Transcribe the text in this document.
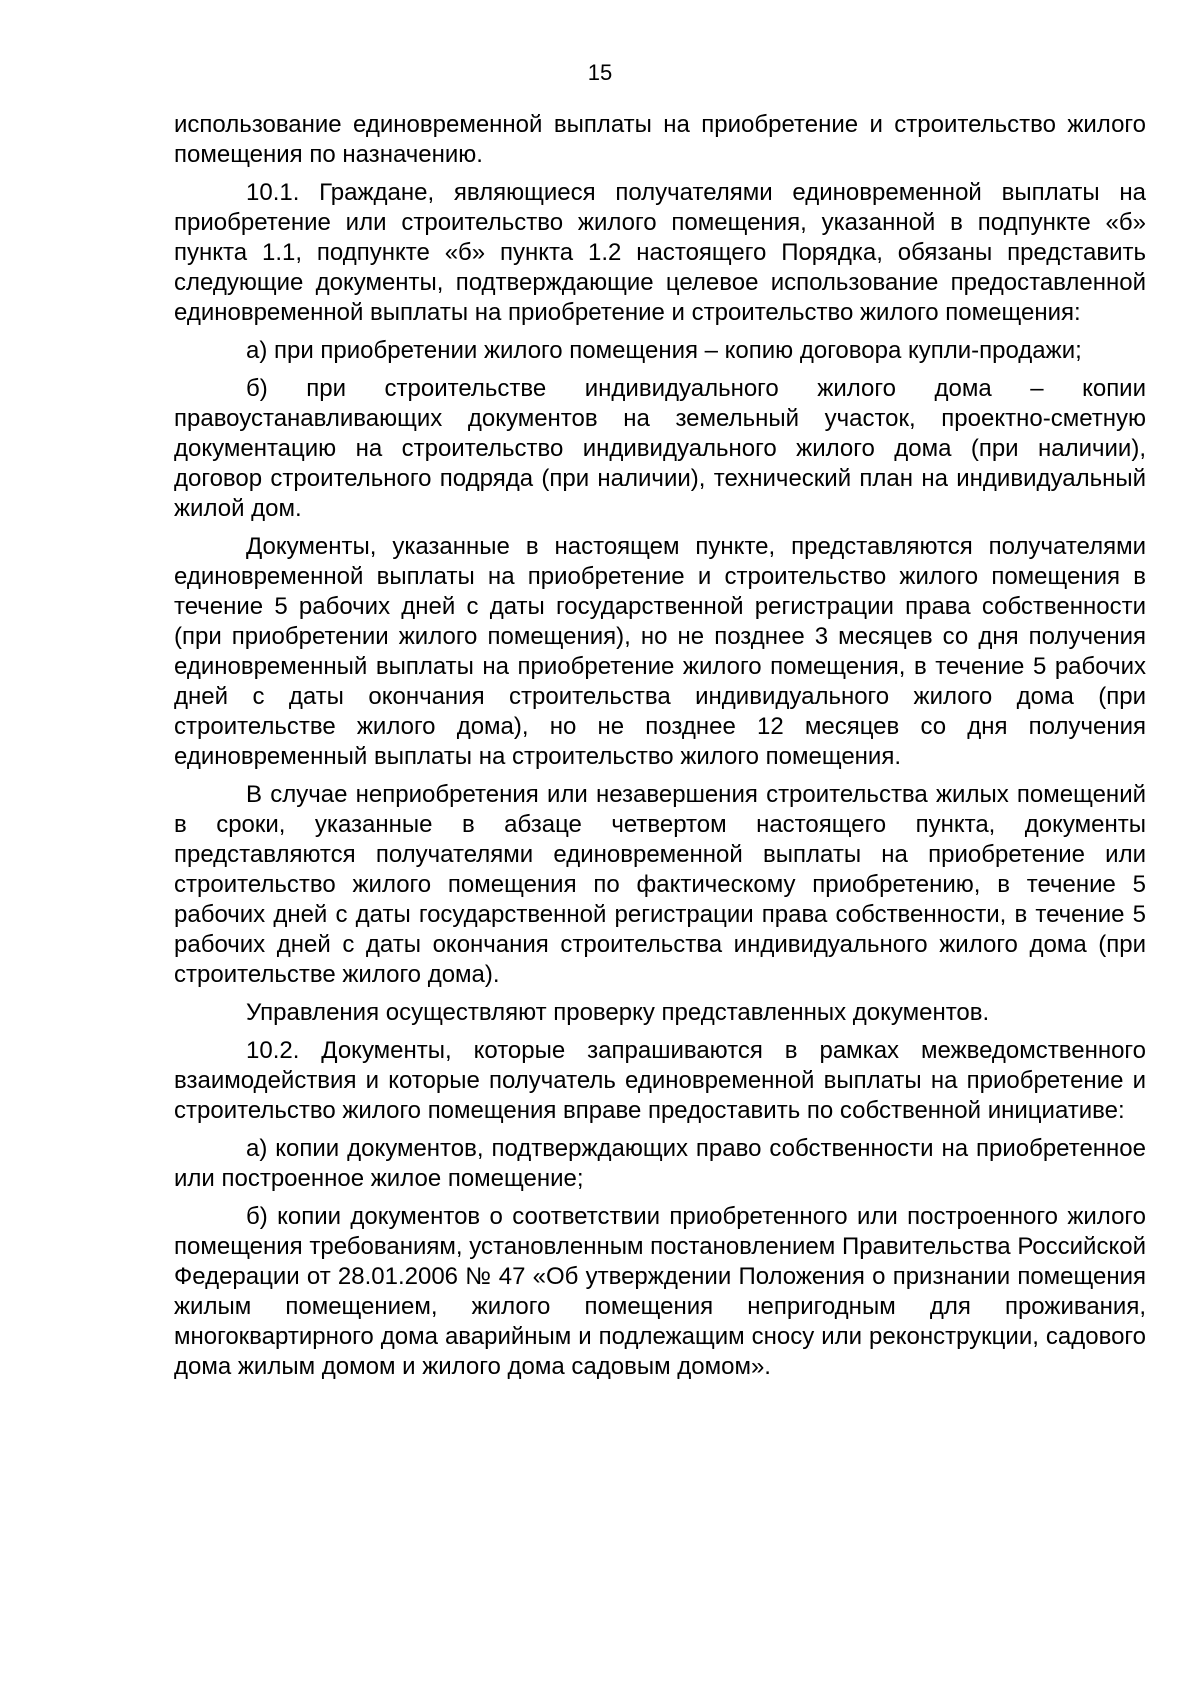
15

использование единовременной выплаты на приобретение и строительство жилого помещения по назначению.

10.1. Граждане, являющиеся получателями единовременной выплаты на приобретение или строительство жилого помещения, указанной в подпункте «б» пункта 1.1, подпункте «б» пункта 1.2 настоящего Порядка, обязаны представить следующие документы, подтверждающие целевое использование предоставленной единовременной выплаты на приобретение и строительство жилого помещения:

а) при приобретении жилого помещения – копию договора купли-продажи;

б) при строительстве индивидуального жилого дома – копии правоустанавливающих документов на земельный участок, проектно-сметную документацию на строительство индивидуального жилого дома (при наличии), договор строительного подряда (при наличии), технический план на индивидуальный жилой дом.

Документы, указанные в настоящем пункте, представляются получателями единовременной выплаты на приобретение и строительство жилого помещения в течение 5 рабочих дней с даты государственной регистрации права собственности (при приобретении жилого помещения), но не позднее 3 месяцев со дня получения единовременный выплаты на приобретение жилого помещения, в течение 5 рабочих дней с даты окончания строительства индивидуального жилого дома (при строительстве жилого дома), но не позднее 12 месяцев со дня получения единовременный выплаты на строительство жилого помещения.

В случае неприобретения или незавершения строительства жилых помещений в сроки, указанные в абзаце четвертом настоящего пункта, документы представляются получателями единовременной выплаты на приобретение или строительство жилого помещения по фактическому приобретению, в течение 5 рабочих дней с даты государственной регистрации права собственности, в течение 5 рабочих дней с даты окончания строительства индивидуального жилого дома (при строительстве жилого дома).

Управления осуществляют проверку представленных документов.

10.2. Документы, которые запрашиваются в рамках межведомственного взаимодействия и которые получатель единовременной выплаты на приобретение и строительство жилого помещения вправе предоставить по собственной инициативе:

а) копии документов, подтверждающих право собственности на приобретенное или построенное жилое помещение;

б) копии документов о соответствии приобретенного или построенного жилого помещения требованиям, установленным постановлением Правительства Российской Федерации от 28.01.2006 № 47 «Об утверждении Положения о признании помещения жилым помещением, жилого помещения непригодным для проживания, многоквартирного дома аварийным и подлежащим сносу или реконструкции, садового дома жилым домом и жилого дома садовым домом».
